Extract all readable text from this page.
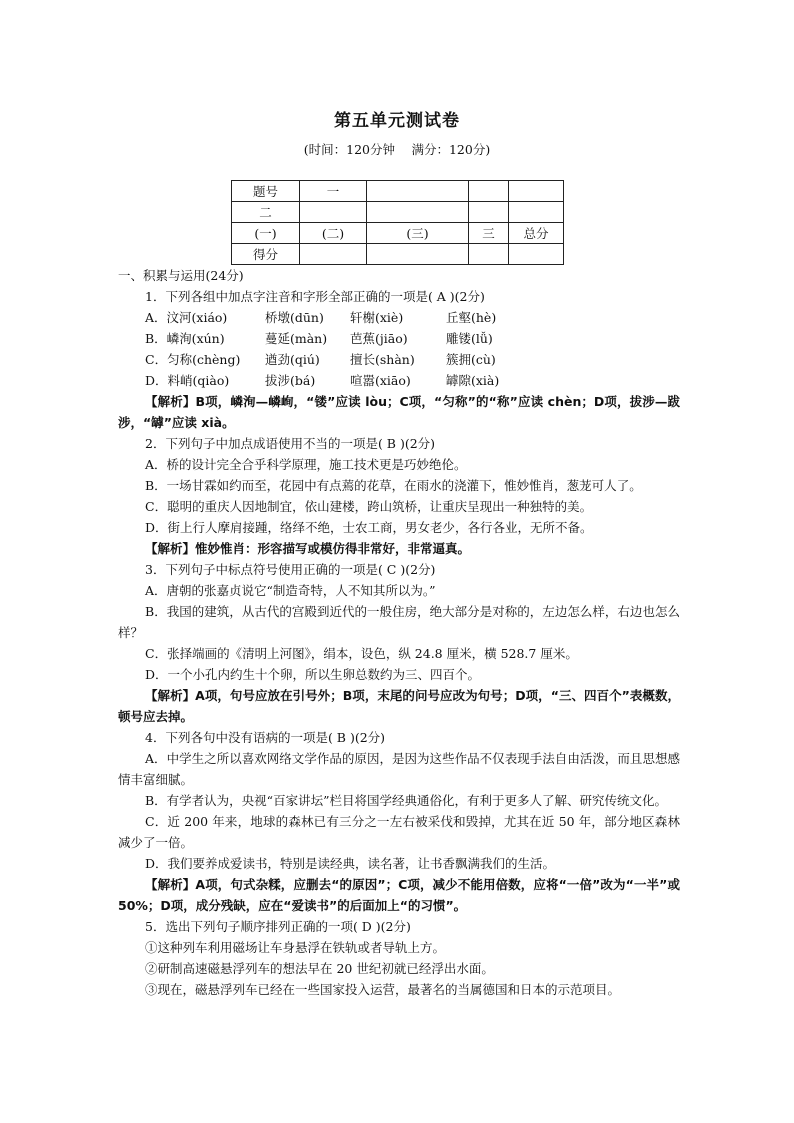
第五单元测试卷
(时间：120分钟　 满分：120分)
题号	一			
二				
(一)	(二)	(三)	三	总分
得分				

一、积累与运用(24分)

1．下列各组中加点字注音和字形全部正确的一项是( A )(2分)

A．汶河(xiáo)	桥墩(dūn)	轩榭(xiè)	丘壑(hè)

B．嶙洵(xún)	蔓延(màn)	芭蕉(jiāo)	雕镂(lǚ)

C．匀称(chèng)	遒劲(qiú)	擅长(shàn)	簇拥(cù)

D．料峭(qiào)	拔涉(bá)	喧嚣(xiāo)	罅隙(xià)

【解析】B项，嶙洵—嶙峋，“镂”应读 lòu；C项，“匀称”的“称”应读 chèn；D项，拔涉—跋涉，“罅”应读 xià。

2．下列句子中加点成语使用不当的一项是( B )(2分)

A．桥的设计完全合乎科学原理，施工技术更是巧妙绝伦。

B．一场甘霖如约而至，花园中有点蔫的花草，在雨水的浇灌下，惟妙惟肖，葱茏可人了。

C．聪明的重庆人因地制宜，依山建楼，跨山筑桥，让重庆呈现出一种独特的美。

D．街上行人摩肩接踵，络绎不绝，士农工商，男女老少，各行各业，无所不备。

【解析】惟妙惟肖：形容描写或模仿得非常好，非常逼真。

3．下列句子中标点符号使用正确的一项是( C )(2分)

A．唐朝的张嘉贞说它“制造奇特，人不知其所以为。”

B．我国的建筑，从古代的宫殿到近代的一般住房，绝大部分是对称的，左边怎么样，右边也怎么样？

C．张择端画的《清明上河图》，绢本，设色，纵 24.8 厘米，横 528.7 厘米。

D．一个小孔内约生十个卵，所以生卵总数约为三、四百个。

【解析】A项，句号应放在引号外；B项，末尾的问号应改为句号；D项，“三、四百个”表概数，顿号应去掉。

4．下列各句中没有语病的一项是( B )(2分)

A．中学生之所以喜欢网络文学作品的原因，是因为这些作品不仅表现手法自由活泼，而且思想感情丰富细腻。

B．有学者认为，央视“百家讲坛”栏目将国学经典通俗化，有利于更多人了解、研究传统文化。

C．近 200 年来，地球的森林已有三分之一左右被采伐和毁掉，尤其在近 50 年，部分地区森林减少了一倍。

D．我们要养成爱读书，特别是读经典，读名著，让书香飘满我们的生活。

【解析】A项，句式杂糅，应删去“的原因”；C项，减少不能用倍数，应将“一倍”改为“一半”或 50%；D项，成分残缺，应在“爱读书”的后面加上“的习惯”。

5．选出下列句子顺序排列正确的一项( D )(2分)

①这种列车利用磁场让车身悬浮在铁轨或者导轨上方。

②研制高速磁悬浮列车的想法早在 20 世纪初就已经浮出水面。

③现在，磁悬浮列车已经在一些国家投入运营，最著名的当属德国和日本的示范项目。
